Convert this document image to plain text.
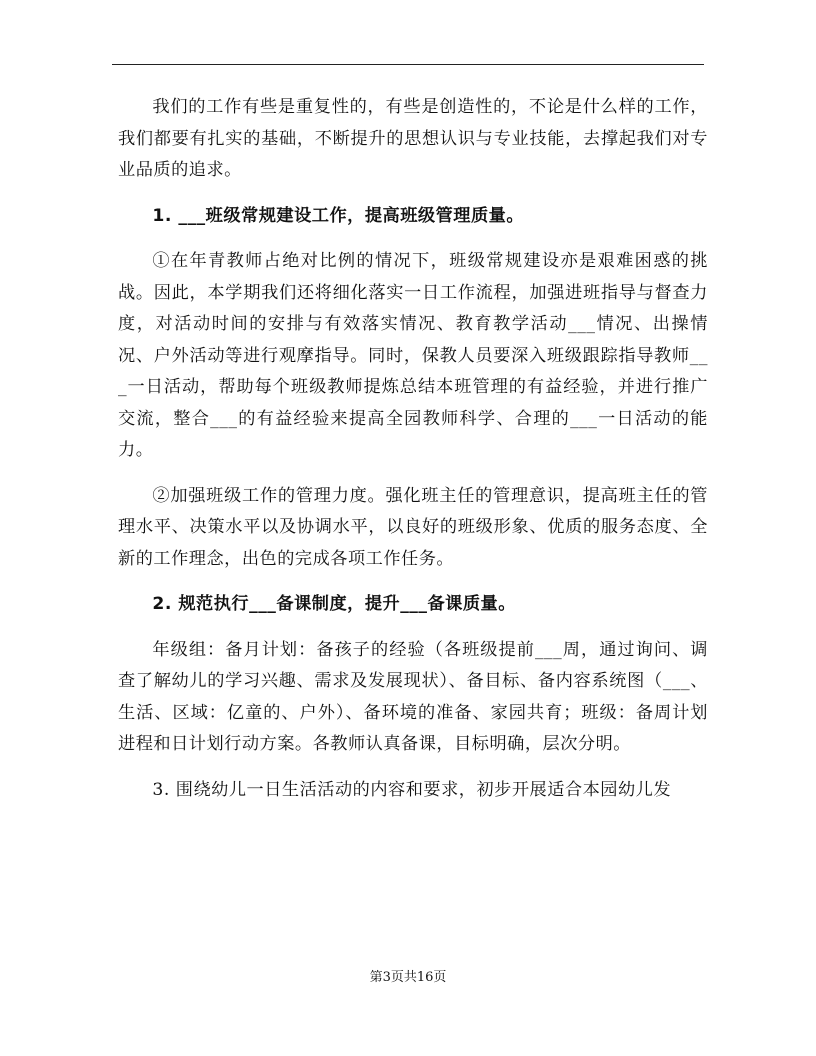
我们的工作有些是重复性的，有些是创造性的，不论是什么样的工作，我们都要有扎实的基础，不断提升的思想认识与专业技能，去撑起我们对专业品质的追求。

1. ___班级常规建设工作，提高班级管理质量。

①在年青教师占绝对比例的情况下，班级常规建设亦是艰难困惑的挑战。因此，本学期我们还将细化落实一日工作流程，加强进班指导与督查力度，对活动时间的安排与有效落实情况、教育教学活动___情况、出操情况、户外活动等进行观摩指导。同时，保教人员要深入班级跟踪指导教师___一日活动，帮助每个班级教师提炼总结本班管理的有益经验，并进行推广交流，整合___的有益经验来提高全园教师科学、合理的___一日活动的能力。

②加强班级工作的管理力度。强化班主任的管理意识，提高班主任的管理水平、决策水平以及协调水平，以良好的班级形象、优质的服务态度、全新的工作理念，出色的完成各项工作任务。

2. 规范执行___备课制度，提升___备课质量。

年级组：备月计划：备孩子的经验（各班级提前___周，通过询问、调查了解幼儿的学习兴趣、需求及发展现状）、备目标、备内容系统图（___、生活、区域：亿童的、户外）、备环境的准备、家园共育；班级：备周计划进程和日计划行动方案。各教师认真备课，目标明确，层次分明。

3. 围绕幼儿一日生活活动的内容和要求，初步开展适合本园幼儿发

第3页共16页
